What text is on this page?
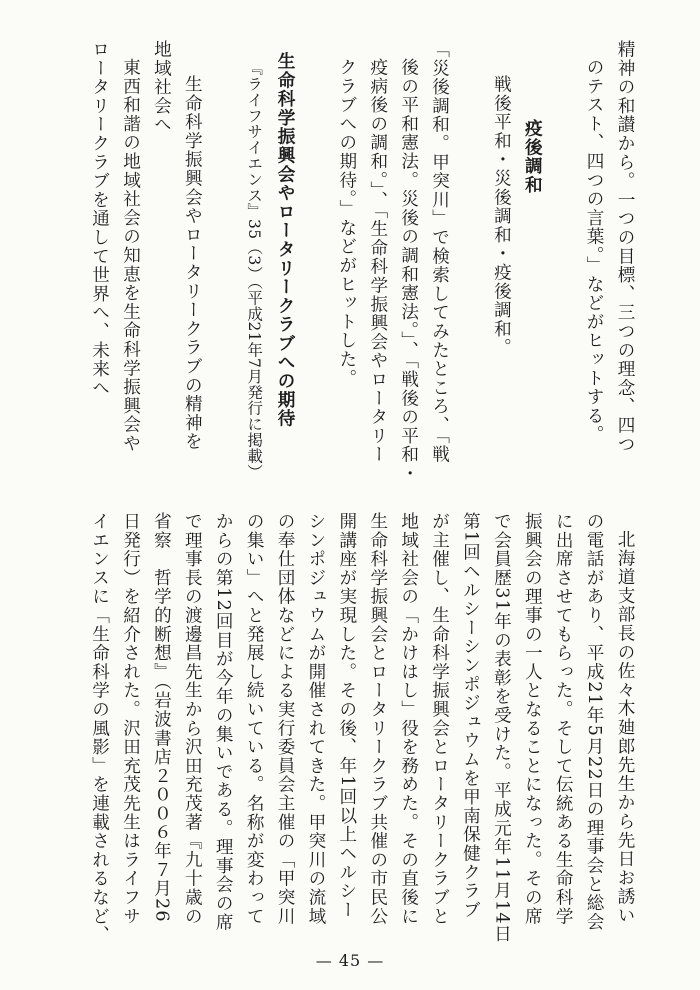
精神の和讃から。一つの目標、三つの理念、四つ
のテスト、四つの言葉。」などがヒットする。

疫後調和
戦後平和・災後調和・疫後調和。

「災後調和。甲突川」で検索してみたところ、「戦
後の平和憲法。災後の調和憲法。」、「戦後の平和・
疫病後の調和。」、「生命科学振興会やロータリー
クラブへの期待。」などがヒットした。

生命科学振興会やロータリークラブへの期待
『ライフサイエンス』35（3）（平成21年7月発行に掲載）

生命科学振興会やロータリークラブの精神を
地域社会へ
東西和諧の地域社会の知恵を生命科学振興会や
ロータリークラブを通して世界へ、未来へ
北海道支部長の佐々木廸郎先生から先日お誘い
の電話があり、平成21年5月22日の理事会と総会
に出席させてもらった。そして伝統ある生命科学
振興会の理事の一人となることになった。その席
で会員歴31年の表彰を受けた。平成元年11月14日
第1回ヘルシーシンポジュウムを甲南保健クラブ
が主催し、生命科学振興会とロータリークラブと
地域社会の「かけはし」役を務めた。その直後に
生命科学振興会とロータリークラブ共催の市民公
開講座が実現した。その後、年1回以上ヘルシー
シンポジュウムが開催されてきた。甲突川の流域
の奉仕団体などによる実行委員会主催の「甲突川
の集い」へと発展し続いている。名称が変わって
からの第12回目が今年の集いである。理事会の席
で理事長の渡邊昌先生から沢田充茂著『九十歳の
省察　哲学的断想』（岩波書店２００６年７月26
日発行）を紹介された。沢田充茂先生はライフサ
イエンスに「生命科学の風影」を連載されるなど、
— 45 —
